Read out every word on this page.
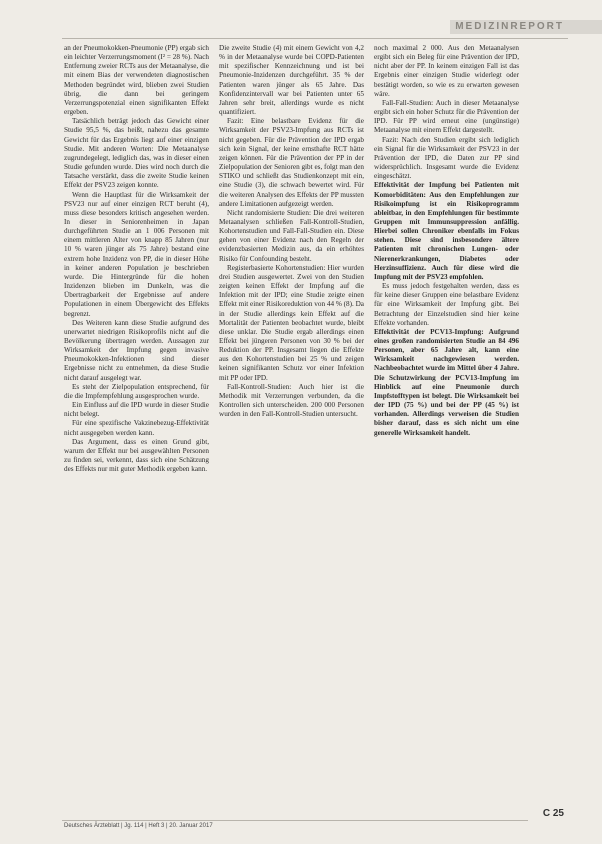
MEDIZINREPORT

an der Pneumokokken-Pneumonie (PP) ergab sich ein leichter Verzerrungsmoment (I² = 28 %). Nach Entfernung zweier RCTs aus der Metaanalyse, die mit einem Bias der verwendeten diagnostischen Methoden begründet wird, blieben zwei Studien übrig, die dann bei geringem Verzerrungspotenzial einen signifikanten Effekt ergeben.

Tatsächlich beträgt jedoch das Gewicht einer Studie 95,5 %, das heißt, nahezu das gesamte Gewicht für das Ergebnis liegt auf einer einzigen Studie. Mit anderen Worten: Die Metaanalyse zugrundegelegt, lediglich das, was in dieser einen Studie gefunden wurde. Dies wird noch durch die Tatsache verstärkt, dass die zweite Studie keinen Effekt der PSV23 zeigen konnte.

Wenn die Hauptlast für die Wirksamkeit der PSV23 nur auf einer einzigen RCT beruht (4), muss diese besonders kritisch angesehen werden. In dieser in Seniorenheimen in Japan durchgeführten Studie an 1 006 Personen mit einem mittleren Alter von knapp 85 Jahren (nur 10 % waren jünger als 75 Jahre) bestand eine extrem hohe Inzidenz von PP, die in dieser Höhe in keiner anderen Population je beschrieben wurde. Die Hintergründe für die hohen Inzidenzen blieben im Dunkeln, was die Übertragbarkeit der Ergebnisse auf andere Populationen in einem Übergewicht des Effekts begrenzt.

Des Weiteren kann diese Studie aufgrund des unerwartet niedrigen Risikoprofils nicht auf die Bevölkerung übertragen werden. Aussagen zur Wirksamkeit der Impfung gegen invasive Pneumokokken-Infektionen sind dieser Ergebnisse nicht zu entnehmen, da diese Studie nicht darauf ausgelegt war.

Es steht der Zielpopulation entsprechend, für die die Impfempfehlung ausgesprochen wurde.

Ein Einfluss auf die IPD wurde in dieser Studie nicht belegt.

Für eine spezifische Vakzinebezug-Effektivität nicht ausgegeben werden kann.

Das Argument, dass es einen Grund gibt, warum der Effekt nur bei ausgewählten Personen zu finden sei, verkennt, dass sich eine Schätzung des Effekts nur mit guter Methodik ergeben kann.

Die zweite Studie (4) mit einem Gewicht von 4,2 % in der Metaanalyse wurde bei COPD-Patienten mit spezifischer Kennzeichnung und ist bei Pneumonie-Inzidenzen durchgeführt. 35 % der Patienten waren jünger als 65 Jahre. Das Konfidenzintervall war bei Patienten unter 65 Jahren sehr breit, allerdings wurde es nicht quantifiziert.

Fazit: Eine belastbare Evidenz für die Wirksamkeit der PSV23-Impfung aus RCTs ist nicht gegeben. Für die Prävention der IPD ergab sich kein Signal, der keine ernsthafte RCT hätte zeigen können. Für die Prävention der PP in der Zielpopulation der Senioren gibt es, folgt man den STIKO und schließt das Studienkonzept mit ein, eine Studie (3), die schwach bewertet wird. Für die weiteren Analysen des Effekts der PP mussten andere Limitationen aufgezeigt werden.

Nicht randomisierte Studien: Die drei weiteren Metaanalysen schließen Fall-Kontroll-Studien, Kohortenstudien und Fall-Fall-Studien ein. Diese gehen von einer Evidenz nach den Regeln der evidenzbasierten Medizin aus, da ein erhöhtes Risiko für Confounding besteht.

Registerbasierte Kohortenstudien: Hier wurden drei Studien ausgewertet. Zwei von den Studien zeigten keinen Effekt der Impfung auf die Infektion mit der IPD; eine Studie zeigte einen Effekt mit einer Risikoreduktion von 44 % (8). Da in der Studie allerdings kein Effekt auf die Mortalität der Patienten beobachtet wurde, bleibt diese unklar. Die Studie ergab allerdings einen Effekt bei jüngeren Personen von 30 % bei der Reduktion der PP. Insgesamt liegen die Effekte aus den Kohortenstudien bei 25 % und zeigen keinen signifikanten Schutz vor einer Infektion mit PP oder IPD.

Fall-Kontroll-Studien: Auch hier ist die Methodik mit Verzerrungen verbunden, da die Kontrollen sich unterscheiden. 200 000 Personen wurden in den Fall-Kontroll-Studien untersucht.

noch maximal 2 000. Aus den Metaanalysen ergibt sich ein Beleg für eine Prävention der IPD, nicht aber der PP. In keinem einzigen Fall ist das Ergebnis einer einzigen Studie widerlegt oder bestätigt worden, so wie es zu erwarten gewesen wäre.

Fall-Fall-Studien: Auch in dieser Metaanalyse ergibt sich ein hoher Schutz für die Prävention der IPD. Für PP wird erneut eine (ungünstige) Metaanalyse mit einem Effekt dargestellt.

Fazit: Nach den Studien ergibt sich lediglich ein Signal für die Wirksamkeit der PSV23 in der Prävention der IPD, die Daten zur PP sind widersprüchlich. Insgesamt wurde die Evidenz eingeschätzt.

Effektivität der Impfung bei Patienten mit Komorbiditäten: Aus den Empfehlungen zur Risikoimpfung ist ein Risikoprogramm ableitbar, in den Empfehlungen für bestimmte Gruppen mit Immunsuppression anfällig. Hierbei sollen Chroniker ebenfalls im Fokus stehen. Diese sind insbesondere ältere Patienten mit chronischen Lungen- oder Nierenerkrankungen, Diabetes oder Herzinsuffizienz. Auch für diese wird die Impfung mit der PSV23 empfohlen.

Es muss jedoch festgehalten werden, dass es für keine dieser Gruppen eine belastbare Evidenz für eine Wirksamkeit der Impfung gibt. Bei Betrachtung der Einzelstudien sind hier keine Effekte vorhanden.

Effektivität der PCV13-Impfung: Aufgrund eines großen randomisierten Studie an 84 496 Personen, aber 65 Jahre alt, kann eine Wirksamkeit nachgewiesen werden. Nachbeobachtet wurde im Mittel über 4 Jahre. Die Schutzwirkung der PCV13-Impfung im Hinblick auf eine Pneumonie durch Impfstofftypen ist belegt. Die Wirksamkeit bei der IPD (75 %) und bei der PP (45 %) ist vorhanden. Allerdings verweisen die Studien bisher darauf, dass es sich nicht um eine generelle Wirksamkeit handelt.

Deutsches Ärzteblatt | Jg. 114 | Heft 3 | 20. Januar 2017
C 25
